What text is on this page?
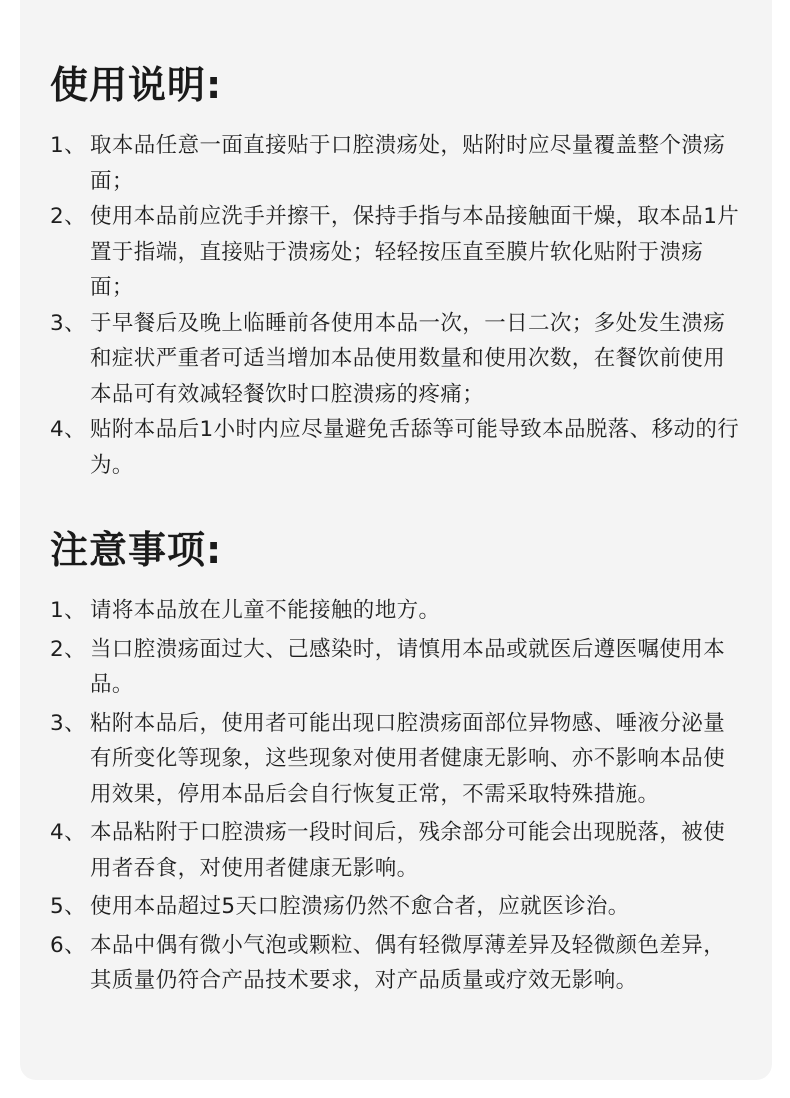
使用说明:
1、 取本品任意一面直接贴于口腔溃疡处，贴附时应尽量覆盖整个溃疡面；
2、 使用本品前应洗手并擦干，保持手指与本品接触面干燥，取本品1片置于指端，直接贴于溃疡处；轻轻按压直至膜片软化贴附于溃疡面；
3、 于早餐后及晚上临睡前各使用本品一次，一日二次；多处发生溃疡和症状严重者可适当增加本品使用数量和使用次数，在餐饮前使用本品可有效减轻餐饮时口腔溃疡的疼痛；
4、 贴附本品后1小时内应尽量避免舌舔等可能导致本品脱落、移动的行为。
注意事项:
1、 请将本品放在儿童不能接触的地方。
2、 当口腔溃疡面过大、己感染时，请慎用本品或就医后遵医嘱使用本品。
3、 粘附本品后，使用者可能出现口腔溃疡面部位异物感、唾液分泌量有所变化等现象，这些现象对使用者健康无影响、亦不影响本品使用效果，停用本品后会自行恢复正常，不需采取特殊措施。
4、 本品粘附于口腔溃疡一段时间后，残余部分可能会出现脱落，被使用者吞食，对使用者健康无影响。
5、 使用本品超过5天口腔溃疡仍然不愈合者，应就医诊治。
6、 本品中偶有微小气泡或颗粒、偶有轻微厚薄差异及轻微颜色差异，其质量仍符合产品技术要求，对产品质量或疗效无影响。
